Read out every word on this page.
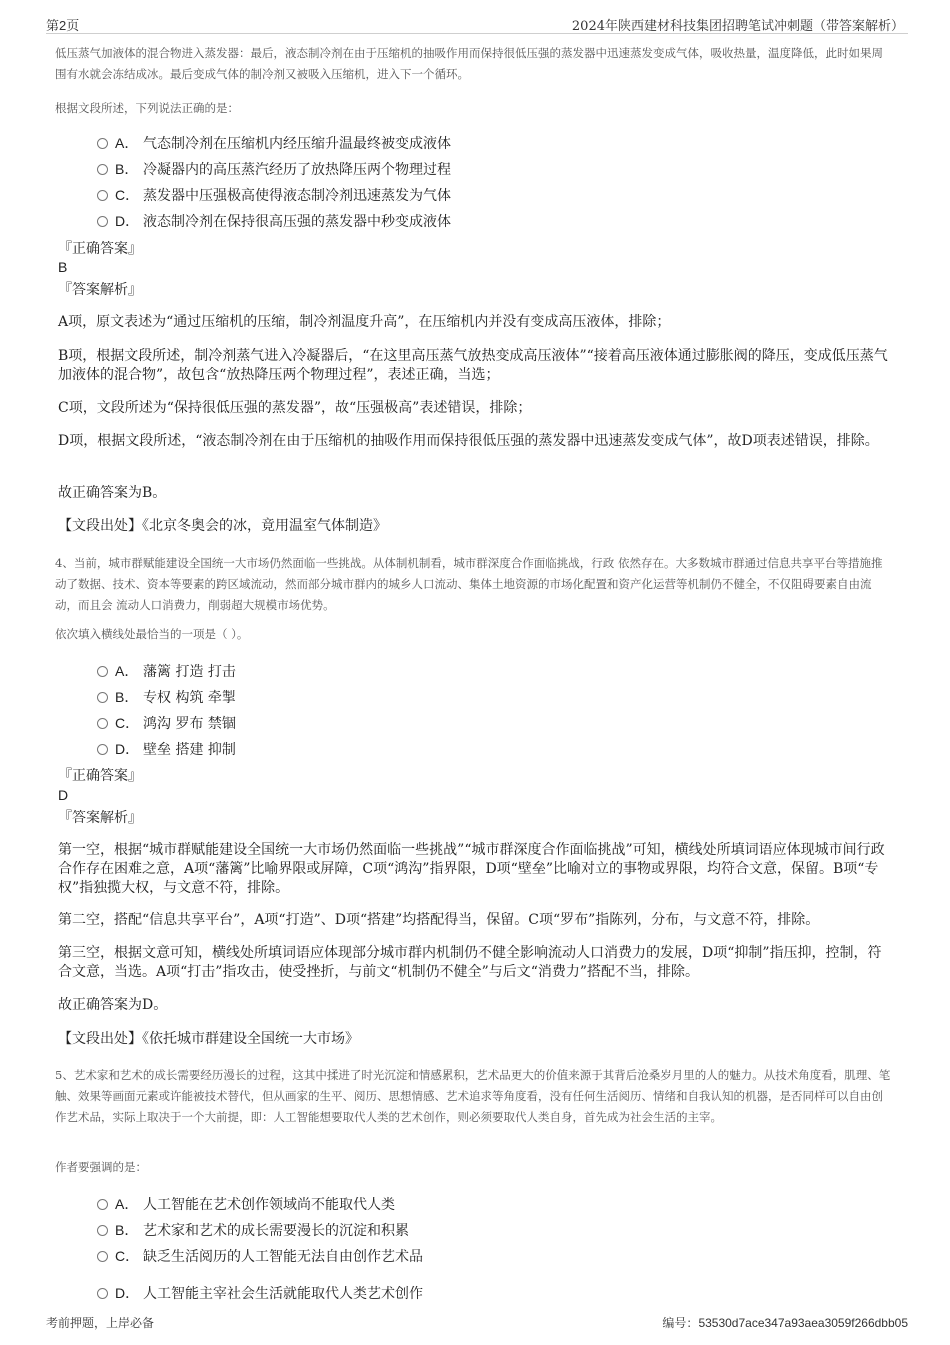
第2页	2024年陕西建材科技集团招聘笔试冲刺题（带答案解析）
低压蒸气加液体的混合物进入蒸发器：最后，液态制冷剂在由于压缩机的抽吸作用而保持很低压强的蒸发器中迅速蒸发变成气体，吸收热量，温度降低，此时如果周围有水就会冻结成冰。最后变成气体的制冷剂又被吸入压缩机，进入下一个循环。
根据文段所述，下列说法正确的是：
A． 气态制冷剂在压缩机内经压缩升温最终被变成液体
B． 冷凝器内的高压蒸汽经历了放热降压两个物理过程
C． 蒸发器中压强极高使得液态制冷剂迅速蒸发为气体
D． 液态制冷剂在保持很高压强的蒸发器中秒变成液体
『正确答案』
B
『答案解析』
A项，原文表述为“通过压缩机的压缩，制冷剂温度升高”，在压缩机内并没有变成高压液体，排除；
B项，根据文段所述，制冷剂蒸气进入冷凝器后，“在这里高压蒸气放热变成高压液体”“接着高压液体通过膨胀阀的降压，变成低压蒸气加液体的混合物”，故包含“放热降压两个物理过程”，表述正确，当选；
C项，文段所述为“保持很低压强的蒸发器”，故“压强极高”表述错误，排除；
D项，根据文段所述，“液态制冷剂在由于压缩机的抽吸作用而保持很低压强的蒸发器中迅速蒸发变成气体”，故D项表述错误，排除。
故正确答案为B。
【文段出处】《北京冬奥会的冰，竟用温室气体制造》
4、当前，城市群赋能建设全国统一大市场仍然面临一些挑战。从体制机制看，城市群深度合作面临挑战，行政 依然存在。大多数城市群通过信息共享平台等措施推动了数据、技术、资本等要素的跨区域流动，然而部分城市群内的城乡人口流动、集体土地资源的市场化配置和资产化运营等机制仍不健全，不仅阻碍要素自由流动，而且会 流动人口消费力，削弱超大规模市场优势。
依次填入横线处最恰当的一项是（ ）。
A． 藩篱 打造 打击
B． 专权 构筑 牵掣
C． 鸿沟 罗布 禁锢
D． 壁垒 搭建 抑制
『正确答案』
D
『答案解析』
第一空，根据“城市群赋能建设全国统一大市场仍然面临一些挑战”“城市群深度合作面临挑战”可知，横线处所填词语应体现城市间行政合作存在困难之意，A项“藩篱”比喻界限或屏障，C项“鸿沟”指界限，D项“壁垒”比喻对立的事物或界限，均符合文意，保留。B项“专权”指独揽大权，与文意不符，排除。
第二空，搭配“信息共享平台”，A项“打造”、D项“搭建”均搭配得当，保留。C项“罗布”指陈列，分布，与文意不符，排除。
第三空，根据文意可知，横线处所填词语应体现部分城市群内机制仍不健全影响流动人口消费力的发展，D项“抑制”指压抑，控制，符合文意，当选。A项“打击”指攻击，使受挫折，与前文“机制仍不健全”与后文“消费力”搭配不当，排除。
故正确答案为D。
【文段出处】《依托城市群建设全国统一大市场》
5、艺术家和艺术的成长需要经历漫长的过程，这其中揉进了时光沉淀和情感累积，艺术品更大的价值来源于其背后沧桑岁月里的人的魅力。从技术角度看，肌理、笔触、效果等画面元素或许能被技术替代，但从画家的生平、阅历、思想情感、艺术追求等角度看，没有任何生活阅历、情绪和自我认知的机器，是否同样可以自由创作艺术品，实际上取决于一个大前提，即：人工智能想要取代人类的艺术创作，则必须要取代人类自身，首先成为社会生活的主宰。
作者要强调的是：
A． 人工智能在艺术创作领域尚不能取代人类
B． 艺术家和艺术的成长需要漫长的沉淀和积累
C． 缺乏生活阅历的人工智能无法自由创作艺术品
D． 人工智能主宰社会生活就能取代人类艺术创作
考前押题，上岸必备	编号：53530d7ace347a93aea3059f266dbb05
